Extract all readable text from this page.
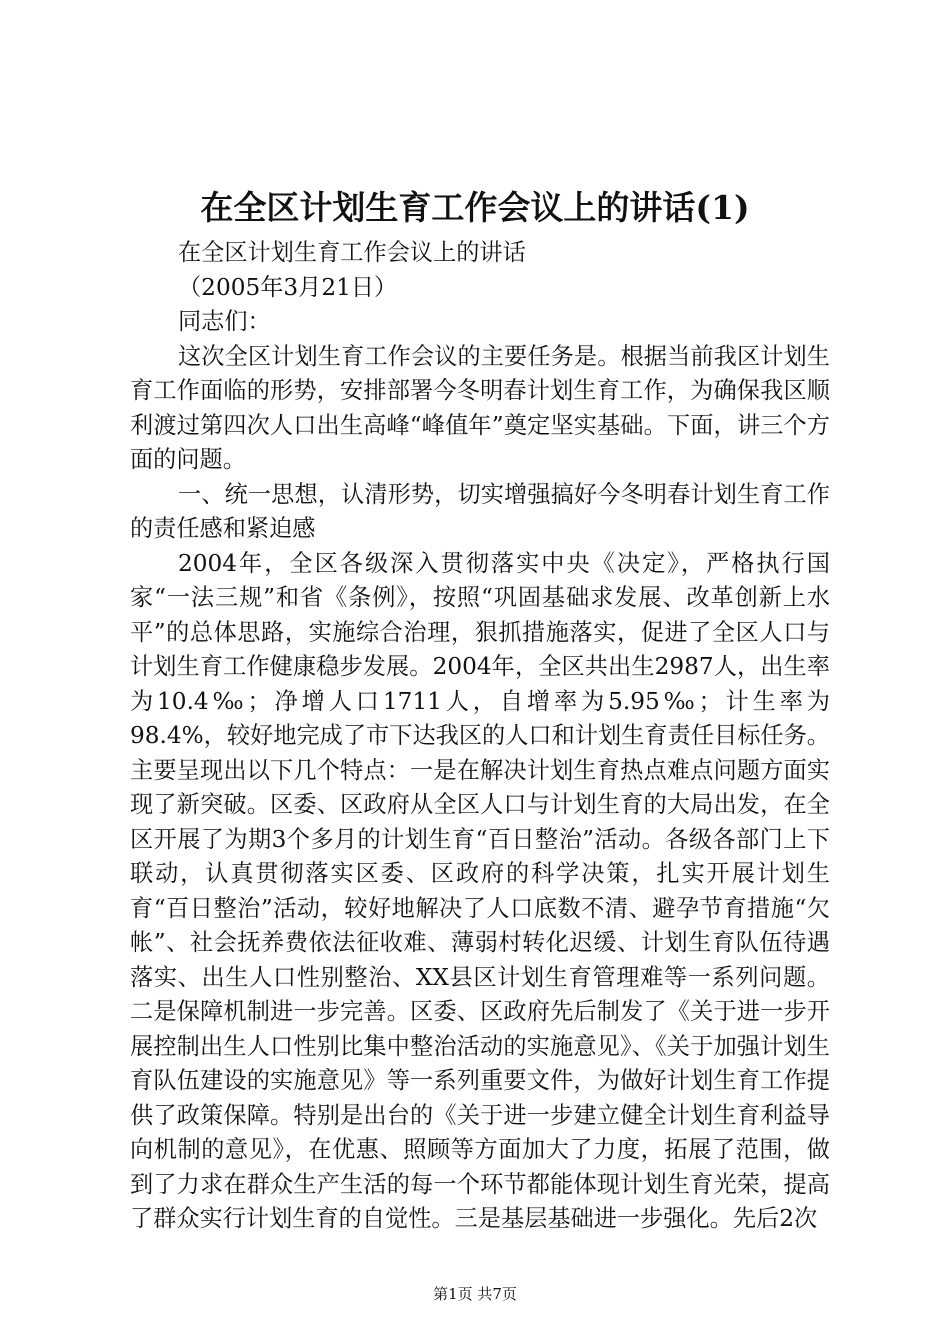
在全区计划生育工作会议上的讲话(1)

在全区计划生育工作会议上的讲话

（2005年3月21日）

同志们：

这次全区计划生育工作会议的主要任务是。根据当前我区计划生育工作面临的形势，安排部署今冬明春计划生育工作，为确保我区顺利渡过第四次人口出生高峰“峰值年”奠定坚实基础。下面，讲三个方面的问题。

一、统一思想，认清形势，切实增强搞好今冬明春计划生育工作的责任感和紧迫感

2004年，全区各级深入贯彻落实中央《决定》，严格执行国家“一法三规”和省《条例》，按照“巩固基础求发展、改革创新上水平”的总体思路，实施综合治理，狠抓措施落实，促进了全区人口与计划生育工作健康稳步发展。2004年，全区共出生2987人，出生率为10.4‰；净增人口1711人，自增率为5.95‰；计生率为98.4%，较好地完成了市下达我区的人口和计划生育责任目标任务。主要呈现出以下几个特点：一是在解决计划生育热点难点问题方面实现了新突破。区委、区政府从全区人口与计划生育的大局出发，在全区开展了为期3个多月的计划生育“百日整治”活动。各级各部门上下联动，认真贯彻落实区委、区政府的科学决策，扎实开展计划生育“百日整治”活动，较好地解决了人口底数不清、避孕节育措施“欠帐”、社会抚养费依法征收难、薄弱村转化迟缓、计划生育队伍待遇落实、出生人口性别整治、XX县区计划生育管理难等一系列问题。二是保障机制进一步完善。区委、区政府先后制发了《关于进一步开展控制出生人口性别比集中整治活动的实施意见》、《关于加强计划生育队伍建设的实施意见》等一系列重要文件，为做好计划生育工作提供了政策保障。特别是出台的《关于进一步建立健全计划生育利益导向机制的意见》，在优惠、照顾等方面加大了力度，拓展了范围，做到了力求在群众生产生活的每一个环节都能体现计划生育光荣，提高了群众实行计划生育的自觉性。三是基层基础进一步强化。先后2次

第1页 共7页
